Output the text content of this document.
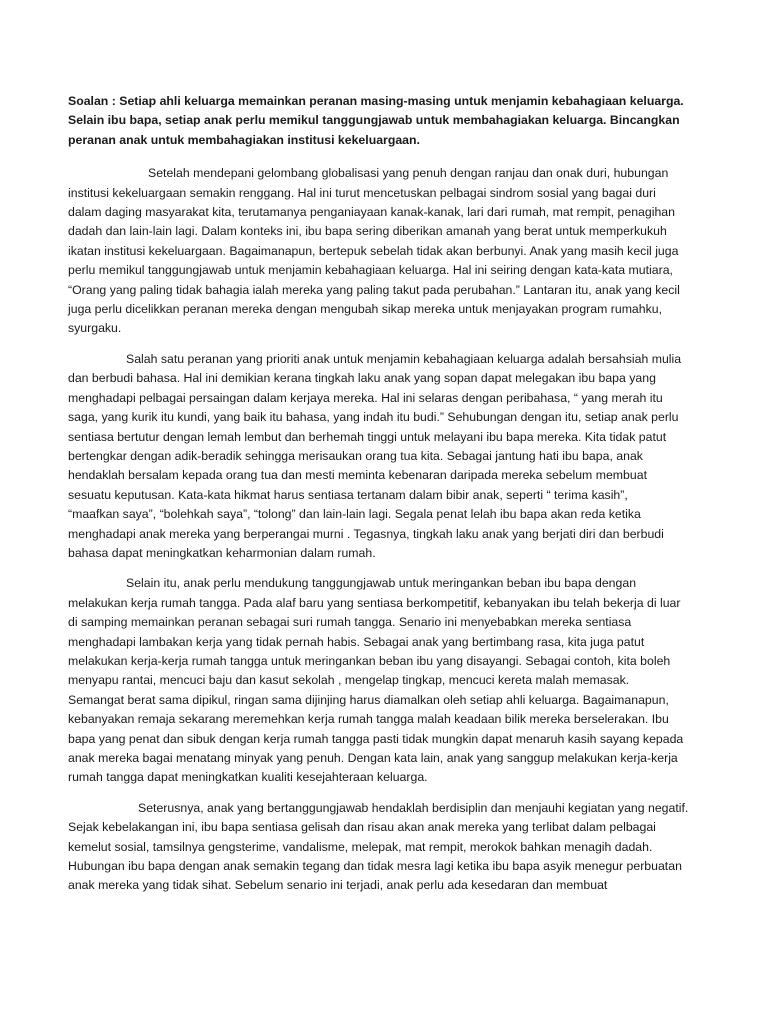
Soalan : Setiap ahli keluarga memainkan peranan masing-masing untuk menjamin kebahagiaan keluarga.
Selain ibu bapa, setiap anak perlu memikul tanggungjawab untuk membahagiakan keluarga. Bincangkan
peranan anak untuk membahagiakan institusi kekeluargaan.
Setelah mendepani gelombang globalisasi yang penuh dengan ranjau dan onak duri, hubungan
institusi kekeluargaan semakin renggang. Hal ini turut mencetuskan pelbagai sindrom sosial yang bagai duri
dalam daging masyarakat kita, terutamanya penganiayaan kanak-kanak, lari dari rumah, mat rempit, penagihan
dadah dan lain-lain lagi. Dalam konteks ini, ibu bapa sering diberikan amanah yang berat untuk memperkukuh
ikatan institusi kekeluargaan. Bagaimanapun, bertepuk sebelah tidak akan berbunyi. Anak yang masih kecil juga
perlu memikul tanggungjawab untuk menjamin kebahagiaan keluarga. Hal ini seiring dengan kata-kata mutiara,
“Orang yang paling tidak bahagia ialah mereka yang paling takut pada perubahan.” Lantaran itu, anak yang kecil
juga perlu dicelikkan peranan mereka dengan mengubah sikap mereka untuk menjayakan program rumahku,
syurgaku.
Salah satu peranan yang prioriti anak untuk menjamin kebahagiaan keluarga adalah bersahsiah mulia
dan berbudi bahasa. Hal ini demikian kerana tingkah laku anak yang sopan dapat melegakan ibu bapa yang
menghadapi pelbagai persaingan dalam kerjaya mereka. Hal ini selaras dengan peribahasa, “ yang merah itu
saga, yang kurik itu kundi, yang baik itu bahasa, yang indah itu budi.” Sehubungan dengan itu, setiap anak perlu
sentiasa bertutur dengan lemah lembut dan berhemah tinggi untuk melayani ibu bapa mereka. Kita tidak patut
bertengkar dengan adik-beradik sehingga merisaukan orang tua kita. Sebagai jantung hati ibu bapa, anak
hendaklah bersalam kepada orang tua dan mesti meminta kebenaran daripada mereka sebelum membuat
sesuatu keputusan. Kata-kata hikmat harus sentiasa tertanam dalam bibir anak, seperti “ terima kasih”,
“maafkan saya”, “bolehkah saya”, “tolong” dan lain-lain lagi. Segala penat lelah ibu bapa akan reda ketika
menghadapi anak mereka yang berperangai murni . Tegasnya, tingkah laku anak yang berjati diri dan berbudi
bahasa dapat meningkatkan keharmonian dalam rumah.
Selain itu, anak perlu mendukung tanggungjawab untuk meringankan beban ibu bapa dengan
melakukan kerja rumah tangga. Pada alaf baru yang sentiasa berkompetitif, kebanyakan ibu telah bekerja di luar
di samping memainkan peranan sebagai suri rumah tangga. Senario ini menyebabkan mereka sentiasa
menghadapi lambakan kerja yang tidak pernah habis. Sebagai anak yang bertimbang rasa, kita juga patut
melakukan kerja-kerja rumah tangga untuk meringankan beban ibu yang disayangi. Sebagai contoh, kita boleh
menyapu rantai, mencuci baju dan kasut sekolah , mengelap tingkap, mencuci kereta malah memasak.
Semangat berat sama dipikul, ringan sama dijinjing harus diamalkan oleh setiap ahli keluarga. Bagaimanapun,
kebanyakan remaja sekarang meremehkan kerja rumah tangga malah keadaan bilik mereka berselerakan. Ibu
bapa yang penat dan sibuk dengan kerja rumah tangga pasti tidak mungkin dapat menaruh kasih sayang kepada
anak mereka bagai menatang minyak yang penuh. Dengan kata lain, anak yang sanggup melakukan kerja-kerja
rumah tangga dapat meningkatkan kualiti kesejahteraan keluarga.
Seterusnya, anak yang bertanggungjawab hendaklah berdisiplin dan menjauhi kegiatan yang negatif.
Sejak kebelakangan ini, ibu bapa sentiasa gelisah dan risau akan anak mereka yang terlibat dalam pelbagai
kemelut sosial, tamsilnya gengsterime, vandalisme, melepak, mat rempit, merokok bahkan menagih dadah.
Hubungan ibu bapa dengan anak semakin tegang dan tidak mesra lagi ketika ibu bapa asyik menegur perbuatan
anak mereka yang tidak sihat. Sebelum senario ini terjadi, anak perlu ada kesedaran dan membuat
